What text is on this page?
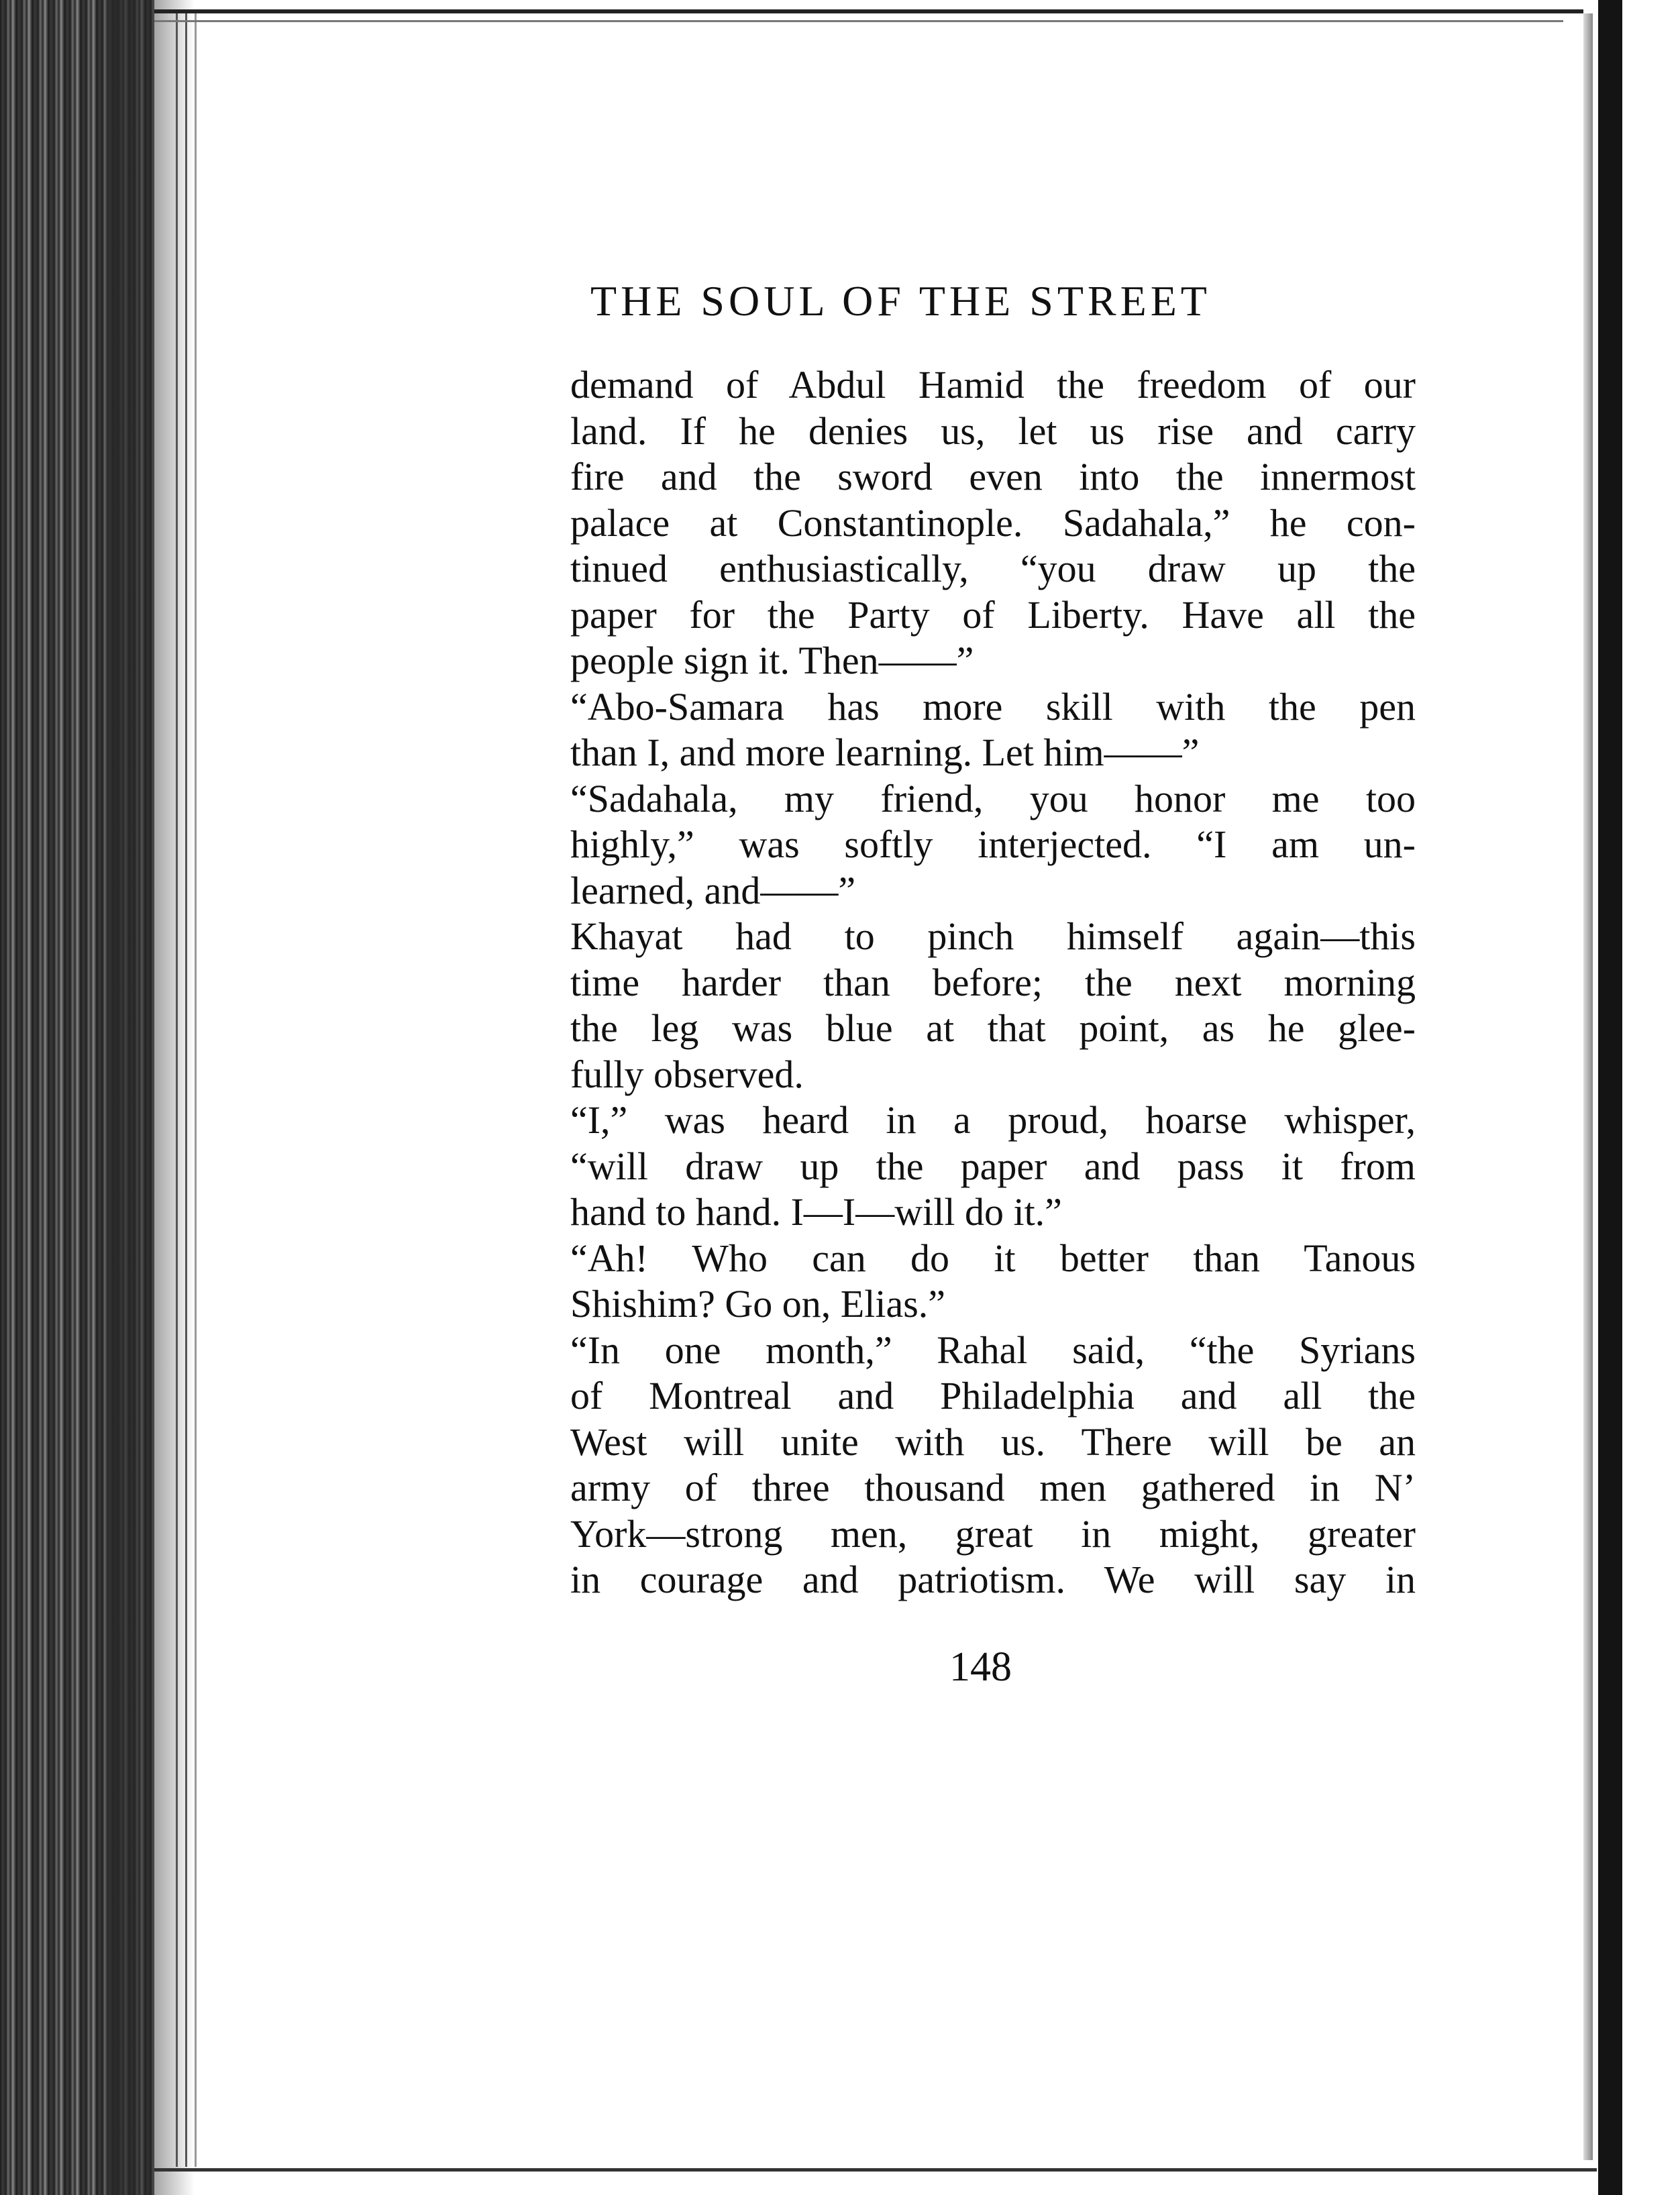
THE SOUL OF THE STREET
demand of Abdul Hamid the freedom of our
land. If he denies us, let us rise and carry
fire and the sword even into the innermost
palace at Constantinople. Sadahala,” he con-
tinued enthusiastically, “you draw up the
paper for the Party of Liberty. Have all the
people sign it. Then——”
“Abo-Samara has more skill with the pen
than I, and more learning. Let him——”
“Sadahala, my friend, you honor me too
highly,” was softly interjected. “I am un-
learned, and——”
Khayat had to pinch himself again—this
time harder than before; the next morning
the leg was blue at that point, as he glee-
fully observed.
“I,” was heard in a proud, hoarse whisper,
“will draw up the paper and pass it from
hand to hand. I—I—will do it.”
“Ah! Who can do it better than Tanous
Shishim? Go on, Elias.”
“In one month,” Rahal said, “the Syrians
of Montreal and Philadelphia and all the
West will unite with us. There will be an
army of three thousand men gathered in N’
York—strong men, great in might, greater
in courage and patriotism. We will say in
148
